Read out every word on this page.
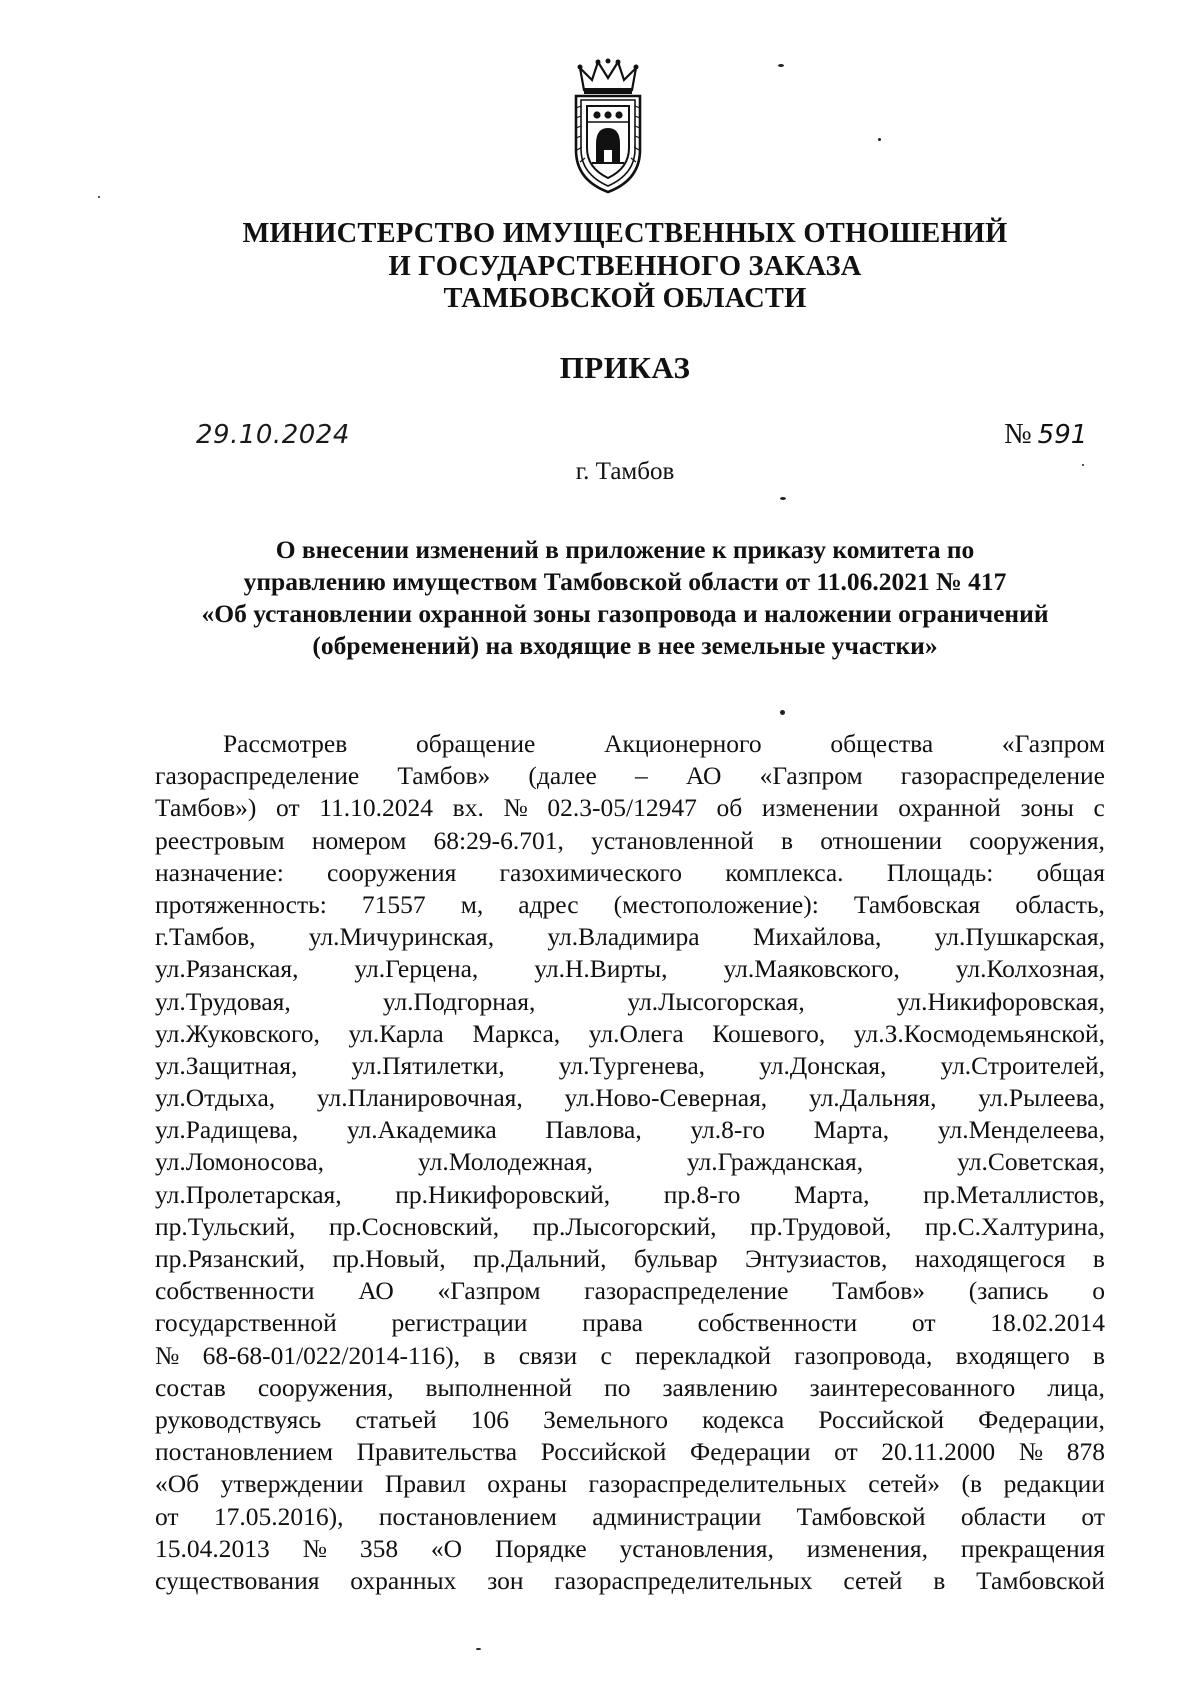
МИНИСТЕРСТВО ИМУЩЕСТВЕННЫХ ОТНОШЕНИЙ
И ГОСУДАРСТВЕННОГО ЗАКАЗА
ТАМБОВСКОЙ ОБЛАСТИ
ПРИКАЗ
29.10.2024	№ 591
г. Тамбов
О внесении изменений в приложение к приказу комитета по
управлению имуществом Тамбовской области от 11.06.2021 № 417
«Об установлении охранной зоны газопровода и наложении ограничений
(обременений) на входящие в нее земельные участки»
Рассмотрев	обращение	Акционерного	общества	«Газпром
газораспределение Тамбов» (далее – АО «Газпром газораспределение
Тамбов») от 11.10.2024 вх. № 02.3-05/12947 об изменении охранной зоны с
реестровым номером 68:29-6.701, установленной в отношении сооружения,
назначение: сооружения газохимического комплекса. Площадь: общая
протяженность: 71557 м, адрес (местоположение): Тамбовская область,
г.Тамбов, ул.Мичуринская, ул.Владимира Михайлова, ул.Пушкарская,
ул.Рязанская, ул.Герцена, ул.Н.Вирты, ул.Маяковского, ул.Колхозная,
ул.Трудовая,	ул.Подгорная,	ул.Лысогорская,	ул.Никифоровская,
ул.Жуковского, ул.Карла Маркса, ул.Олега Кошевого, ул.З.Космодемьянской,
ул.Защитная, ул.Пятилетки, ул.Тургенева, ул.Донская, ул.Строителей,
ул.Отдыха, ул.Планировочная, ул.Ново-Северная, ул.Дальняя, ул.Рылеева,
ул.Радищева, ул.Академика Павлова, ул.8-го Марта, ул.Менделеева,
ул.Ломоносова,	ул.Молодежная,	ул.Гражданская,	ул.Советская,
ул.Пролетарская, пр.Никифоровский, пр.8-го Марта, пр.Металлистов,
пр.Тульский, пр.Сосновский, пр.Лысогорский, пр.Трудовой, пр.С.Халтурина,
пр.Рязанский, пр.Новый, пр.Дальний, бульвар Энтузиастов, находящегося в
собственности АО «Газпром газораспределение Тамбов» (запись о
государственной регистрации права собственности от 18.02.2014
№ 68-68-01/022/2014-116), в связи с перекладкой газопровода, входящего в
состав сооружения, выполненной по заявлению заинтересованного лица,
руководствуясь статьей 106 Земельного кодекса Российской Федерации,
постановлением Правительства Российской Федерации от 20.11.2000 № 878
«Об утверждении Правил охраны газораспределительных сетей» (в редакции
от 17.05.2016), постановлением администрации Тамбовской области от
15.04.2013 № 358 «О Порядке установления, изменения, прекращения
существования охранных зон газораспределительных сетей в Тамбовской
